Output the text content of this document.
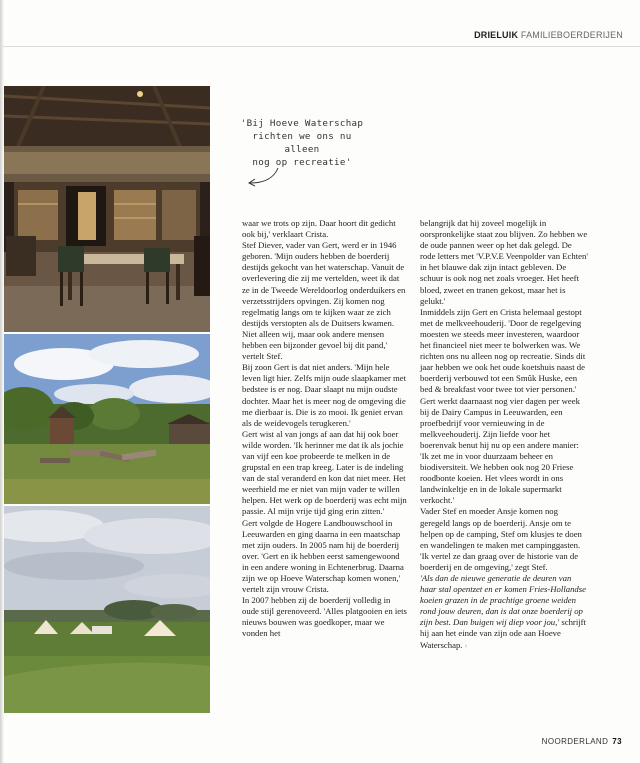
DRIELUIK FAMILIEBOERDERIJEN
'Bij Hoeve Waterschap
richten we ons nu alleen
nog op recreatie'

waar we trots op zijn. Daar hoort dit gedicht ook bij,' verklaart Crista.

Stef Diever, vader van Gert, werd er in 1946 geboren. 'Mijn ouders hebben de boerderij destijds gekocht van het waterschap. Vanuit de overlevering die zij me vertelden, weet ik dat ze in de Tweede Wereldoorlog onderduikers en verzetsstrijders opvingen. Zij komen nog regelmatig langs om te kijken waar ze zich destijds verstopten als de Duitsers kwamen. Niet alleen wij, maar ook andere mensen hebben een bijzonder gevoel bij dit pand,' vertelt Stef.

Bij zoon Gert is dat niet anders. 'Mijn hele leven ligt hier. Zelfs mijn oude slaapkamer met bedstee is er nog. Daar slaapt nu mijn oudste dochter. Maar het is meer nog de omgeving die me dierbaar is. Die is zo mooi. Ik geniet ervan als de weidevogels terugkeren.'

Gert wist al van jongs af aan dat hij ook boer wilde worden. 'Ik herinner me dat ik als jochie van vijf een koe probeerde te melken in de grupstal en een trap kreeg. Later is de indeling van de stal veranderd en kon dat niet meer. Het weerhield me er niet van mijn vader te willen helpen. Het werk op de boerderij was echt mijn passie. Al mijn vrije tijd ging erin zitten.'

Gert volgde de Hogere Landbouwschool in Leeuwarden en ging daarna in een maatschap met zijn ouders. In 2005 nam hij de boerderij over. 'Gert en ik hebben eerst samengewoond in een andere woning in Echtenerbrug. Daarna zijn we op Hoeve Waterschap komen wonen,' vertelt zijn vrouw Crista.

In 2007 hebben zij de boerderij volledig in oude stijl gerenoveerd. 'Alles platgooien en iets nieuws bouwen was goedkoper, maar we vonden het

belangrijk dat hij zoveel mogelijk in oorspronkelijke staat zou blijven. Zo hebben we de oude pannen weer op het dak gelegd. De rode letters met 'V.P.V.E Veenpolder van Echten' in het blauwe dak zijn intact gebleven. De schuur is ook nog net zoals vroeger. Het heeft bloed, zweet en tranen gekost, maar het is gelukt.'

Inmiddels zijn Gert en Crista helemaal gestopt met de melkveehouderij. 'Door de regelgeving moesten we steeds meer investeren, waardoor het financieel niet meer te bolwerken was. We richten ons nu alleen nog op recreatie. Sinds dit jaar hebben we ook het oude koetshuis naast de boerderij verbouwd tot een Smûk Huske, een bed & breakfast voor twee tot vier personen.'

Gert werkt daarnaast nog vier dagen per week bij de Dairy Campus in Leeuwarden, een proefbedrijf voor vernieuwing in de melkveehouderij. Zijn liefde voor het boerenvak benut hij nu op een andere manier: 'Ik zet me in voor duurzaam beheer en biodiversiteit. We hebben ook nog 20 Friese roodbonte koeien. Het vlees wordt in ons landwinkeltje en in de lokale supermarkt verkocht.'

Vader Stef en moeder Ansje komen nog geregeld langs op de boerderij. Ansje om te helpen op de camping, Stef om klusjes te doen en wandelingen te maken met campinggasten. 'Ik vertel ze dan graag over de historie van de boerderij en de omgeving,' zegt Stef.

'Als dan de nieuwe generatie de deuren van haar stal opentzet en er komen Fries-Hollandse koeien grazen in de prachtige groene weiden rond jouw deuren, dan is dat onze boerderij op zijn best. Dan buigen wij diep voor jou,' schrijft hij aan het einde van zijn ode aan Hoeve Waterschap. ›

NOORDERLAND 73
